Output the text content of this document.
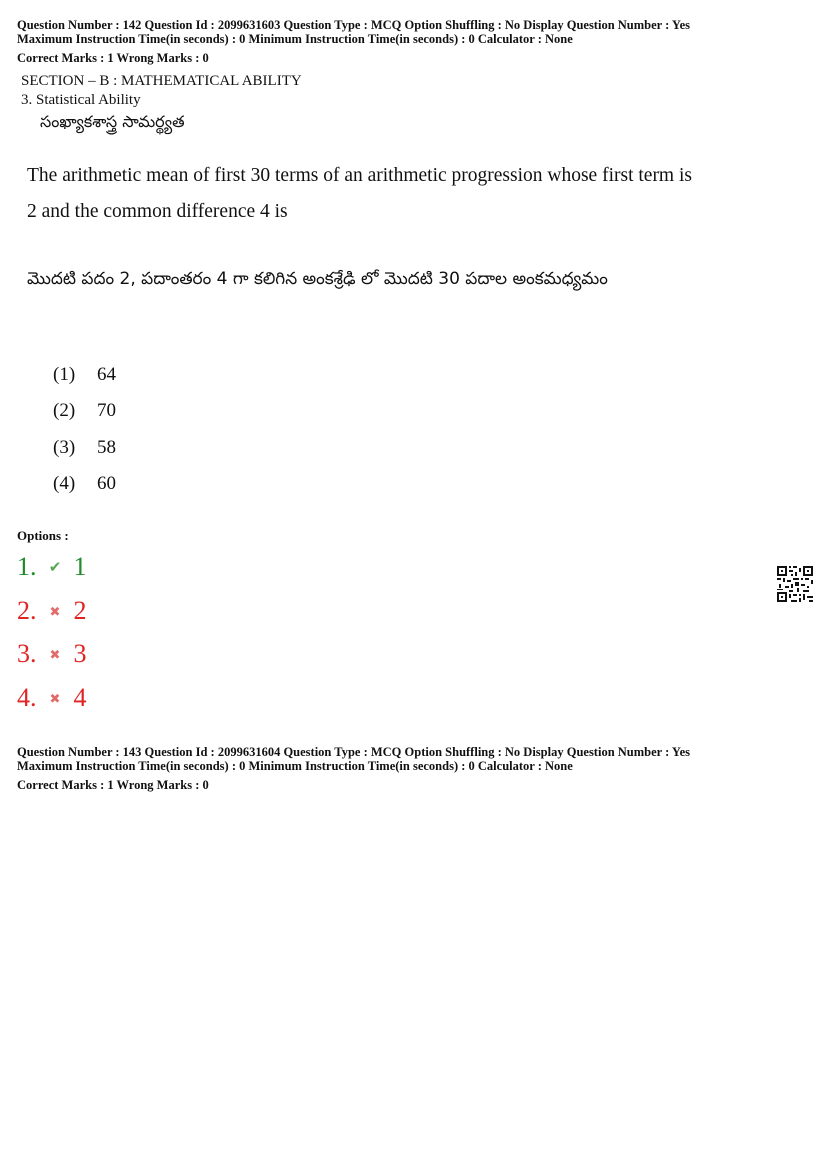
Question Number : 142 Question Id : 2099631603 Question Type : MCQ Option Shuffling : No Display Question Number : Yes
Maximum Instruction Time(in seconds) : 0 Minimum Instruction Time(in seconds) : 0 Calculator : None
Correct Marks : 1 Wrong Marks : 0
SECTION – B : MATHEMATICAL ABILITY
3. Statistical Ability
సంఖ్యాకశాస్త్ర సామర్థ్యత
The arithmetic mean of first 30 terms of an arithmetic progression whose first term is
2 and the common difference 4 is
మొదటి పదం 2, పదాంతరం 4 గా కలిగిన అంకశ్రేఢి లో మొదటి 30 పదాల అంకమధ్యమం
(1) 64
(2) 70
(3) 58
(4) 60
Options :
1. ✔ 1
2. ✖ 2
3. ✖ 3
4. ✖ 4
Question Number : 143 Question Id : 2099631604 Question Type : MCQ Option Shuffling : No Display Question Number : Yes
Maximum Instruction Time(in seconds) : 0 Minimum Instruction Time(in seconds) : 0 Calculator : None
Correct Marks : 1 Wrong Marks : 0
